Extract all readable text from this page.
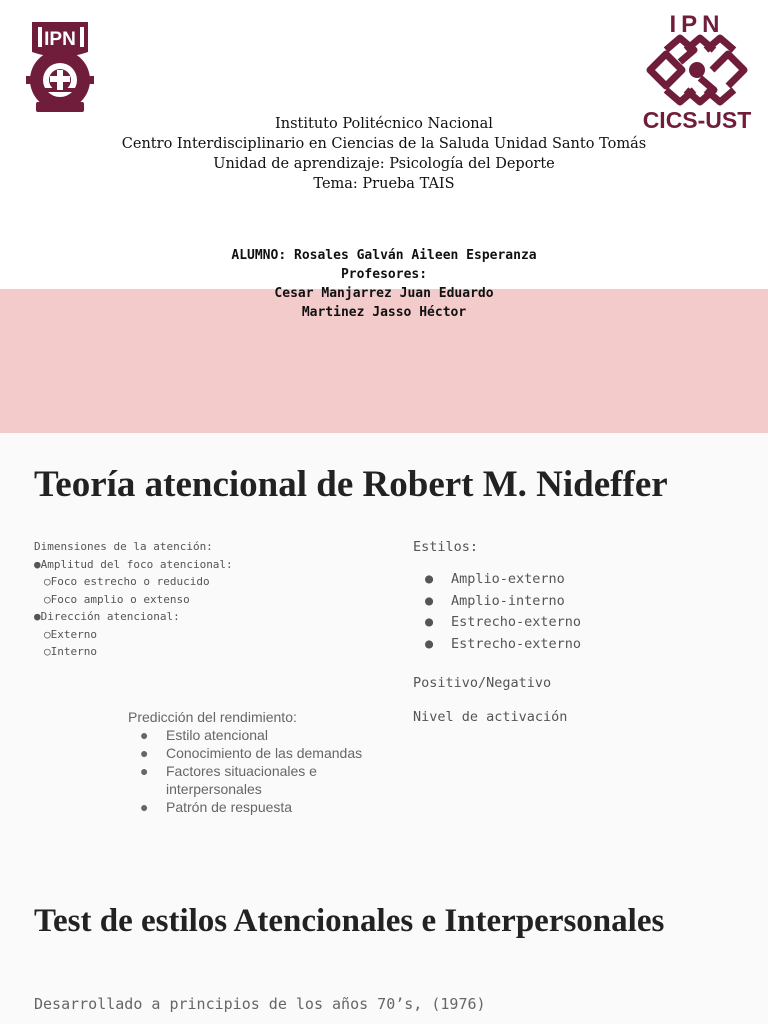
IPN
IPN
CICS-UST
Instituto Politécnico Nacional
Centro Interdisciplinario en Ciencias de la Saluda Unidad Santo Tomás
Unidad de aprendizaje: Psicología del Deporte
Tema: Prueba TAIS
ALUMNO: Rosales Galván Aileen Esperanza
Profesores:
Cesar Manjarrez Juan Eduardo
Martinez Jasso Héctor
Teoría atencional de Robert M. Nideffer
Dimensiones de la atención:
●Amplitud del foco atencional:
○Foco estrecho o reducido
○Foco amplio o extenso
●Dirección atencional:
○Externo
○Interno
Estilos:
● Amplio-externo
● Amplio-interno
● Estrecho-externo
● Estrecho-externo
Positivo/Negativo
Nivel de activación
Predicción del rendimiento:
●	Estilo atencional
●	Conocimiento de las demandas
●	Factores situacionales e
interpersonales
●	Patrón de respuesta
Test de estilos Atencionales e Interpersonales
Desarrollado a principios de los años 70’s, (1976)
